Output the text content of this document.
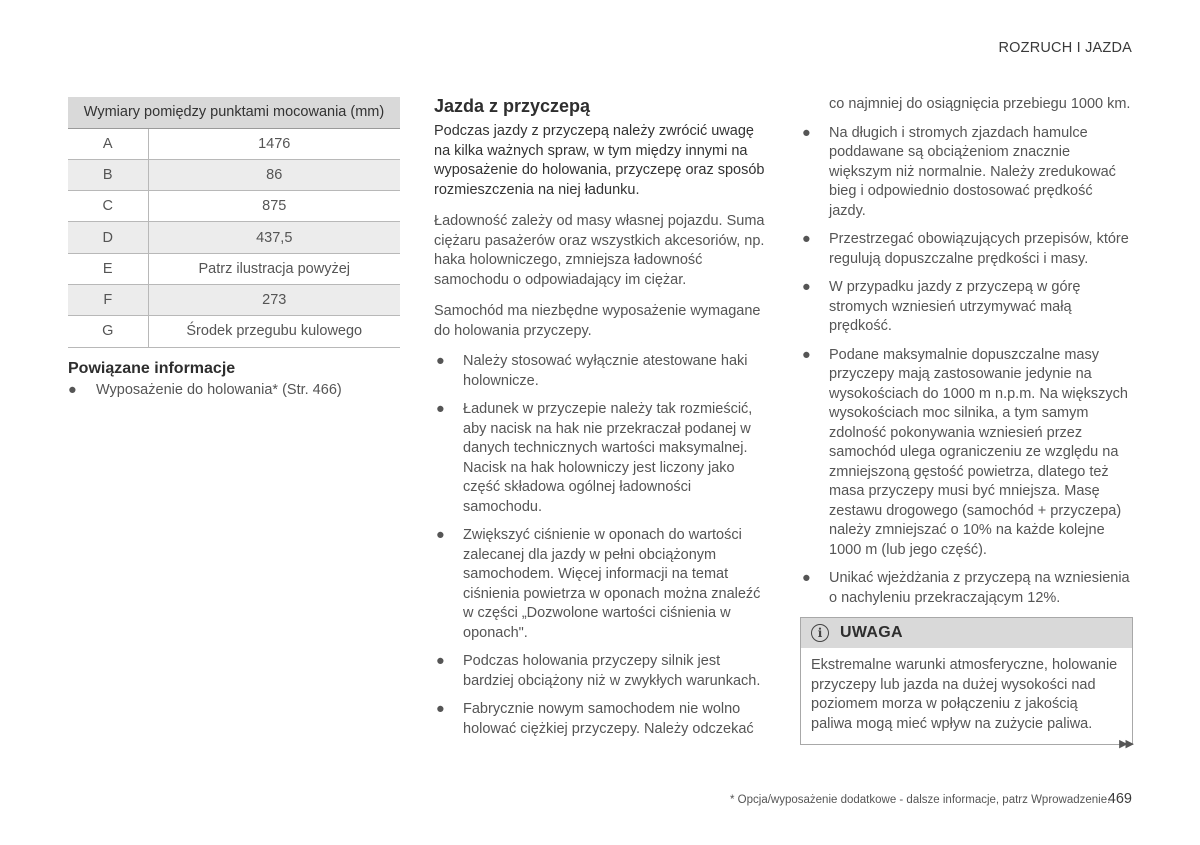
ROZRUCH I JAZDA
Wymiary pomiędzy punktami mocowania (mm)	
A	1476
B	86
C	875
D	437,5
E	Patrz ilustracja powyżej
F	273
G	Środek przegubu kulowego
Powiązane informacje
● Wyposażenie do holowania* (Str. 466)
Jazda z przyczepą

Podczas jazdy z przyczepą należy zwrócić uwagę na kilka ważnych spraw, w tym między innymi na wyposażenie do holowania, przyczepę oraz sposób rozmieszczenia na niej ładunku.

Ładowność zależy od masy własnej pojazdu. Suma ciężaru pasażerów oraz wszystkich akcesoriów, np. haka holowniczego, zmniejsza ładowność samochodu o odpowiadający im ciężar.

Samochód ma niezbędne wyposażenie wymagane do holowania przyczepy.

● Należy stosować wyłącznie atestowane haki holownicze.
● Ładunek w przyczepie należy tak rozmieścić, aby nacisk na hak nie przekraczał podanej w danych technicznych wartości maksymalnej. Nacisk na hak holowniczy jest liczony jako część składowa ogólnej ładowności samochodu.
● Zwiększyć ciśnienie w oponach do wartości zalecanej dla jazdy w pełni obciążonym samochodem. Więcej informacji na temat ciśnienia powietrza w oponach można znaleźć w części „Dozwolone wartości ciśnienia w oponach".
● Podczas holowania przyczepy silnik jest bardziej obciążony niż w zwykłych warunkach.
● Fabrycznie nowym samochodem nie wolno holować ciężkiej przyczepy. Należy odczekać

co najmniej do osiągnięcia przebiegu 1000 km.

● Na długich i stromych zjazdach hamulce poddawane są obciążeniom znacznie większym niż normalnie. Należy zredukować bieg i odpowiednio dostosować prędkość jazdy.
● Przestrzegać obowiązujących przepisów, które regulują dopuszczalne prędkości i masy.
● W przypadku jazdy z przyczepą w górę stromych wzniesień utrzymywać małą prędkość.
● Podane maksymalnie dopuszczalne masy przyczepy mają zastosowanie jedynie na wysokościach do 1000 m n.p.m. Na większych wysokościach moc silnika, a tym samym zdolność pokonywania wzniesień przez samochód ulega ograniczeniu ze względu na zmniejszoną gęstość powietrza, dlatego też masa przyczepy musi być mniejsza. Masę zestawu drogowego (samochód + przyczepa) należy zmniejszać o 10% na każde kolejne 1000 m (lub jego część).
● Unikać wjeżdżania z przyczepą na wzniesienia o nachyleniu przekraczającym 12%.
i	UWAGA
Ekstremalne warunki atmosferyczne, holowanie przyczepy lub jazda na dużej wysokości nad poziomem morza w połączeniu z jakością paliwa mogą mieć wpływ na zużycie paliwa.
▶▶
* Opcja/wyposażenie dodatkowe - dalsze informacje, patrz Wprowadzenie.
469
